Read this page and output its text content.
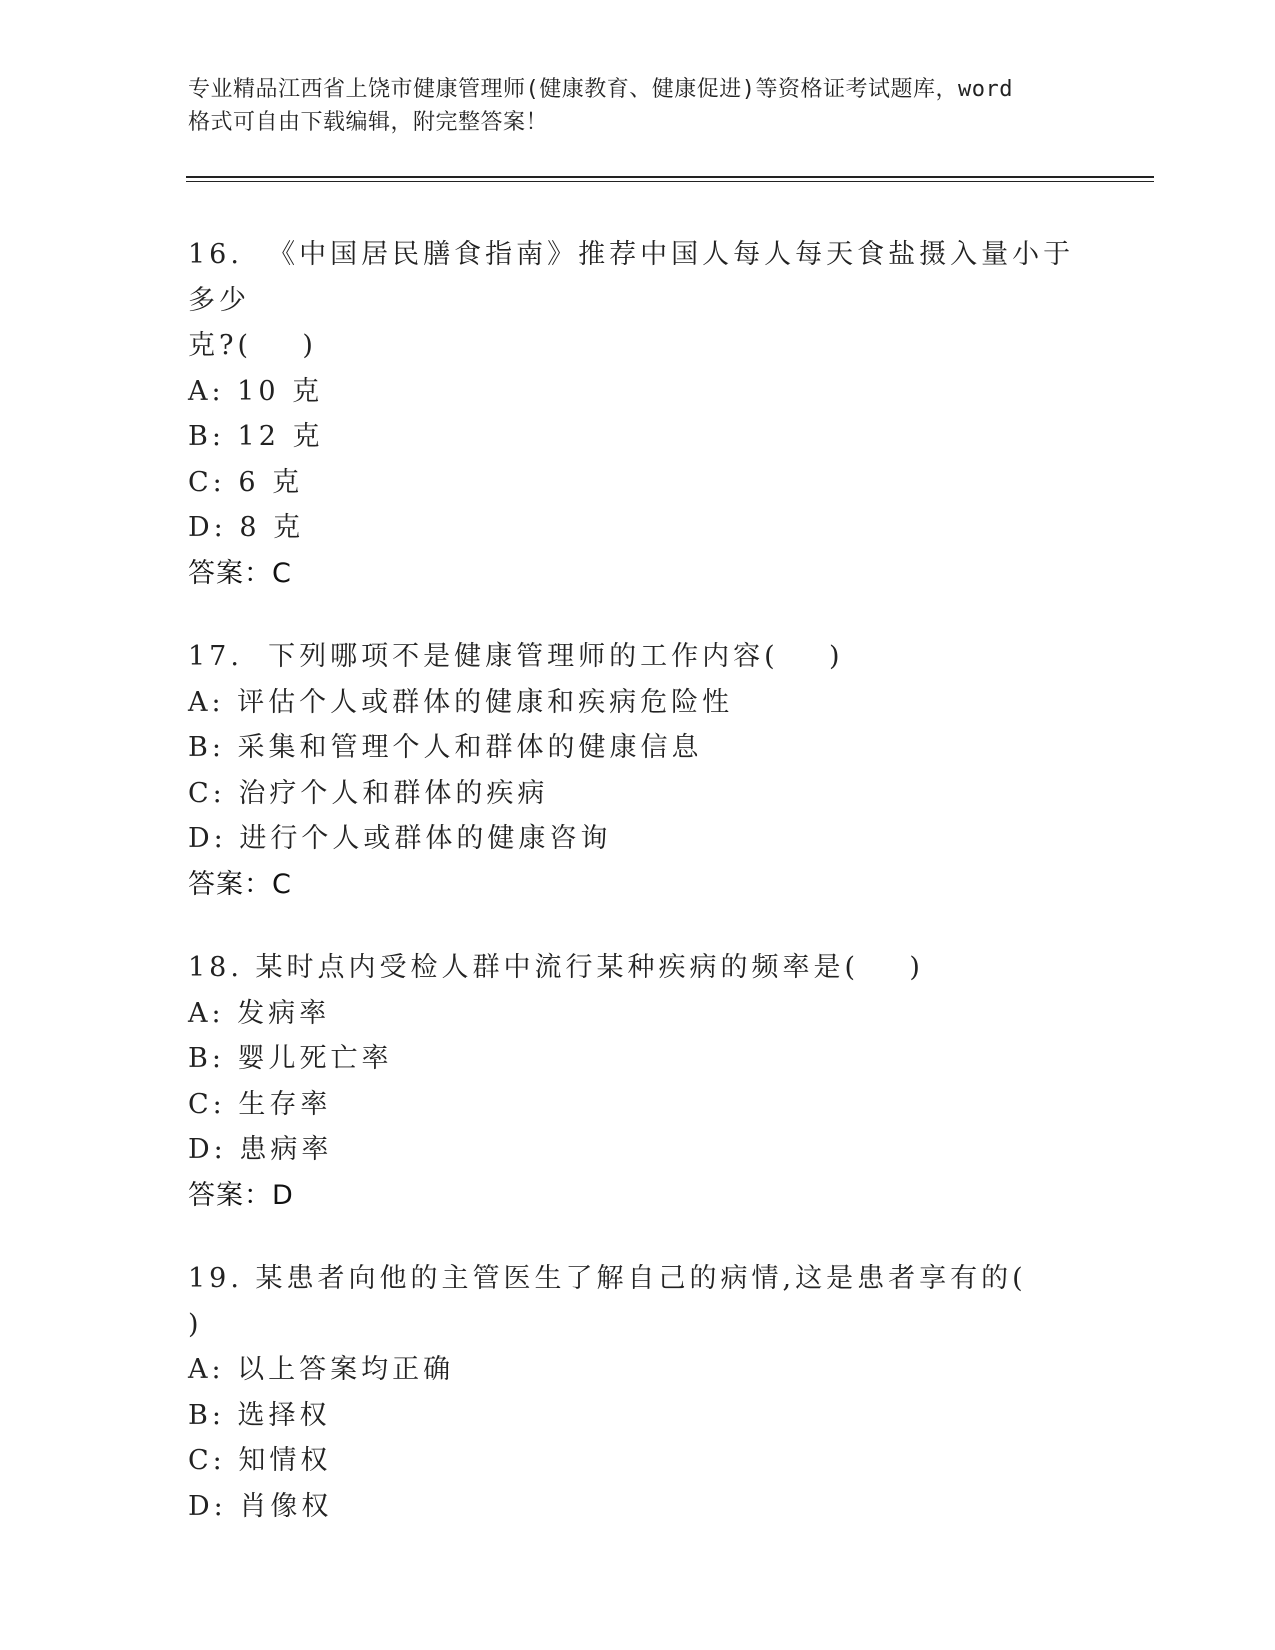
专业精品江西省上饶市健康管理师(健康教育、健康促进)等资格证考试题库，word
格式可自由下载编辑，附完整答案！
16.  《中国居民膳食指南》推荐中国人每人每天食盐摄入量小于多少
克?(    )
A: 10 克
B: 12 克
C: 6 克
D: 8 克
答案：C
17.  下列哪项不是健康管理师的工作内容(    )
A: 评估个人或群体的健康和疾病危险性
B: 采集和管理个人和群体的健康信息
C: 治疗个人和群体的疾病
D: 进行个人或群体的健康咨询
答案：C
18. 某时点内受检人群中流行某种疾病的频率是(    )
A: 发病率
B: 婴儿死亡率
C: 生存率
D: 患病率
答案：D
19. 某患者向他的主管医生了解自己的病情,这是患者享有的(    )
A: 以上答案均正确
B: 选择权
C: 知情权
D: 肖像权
